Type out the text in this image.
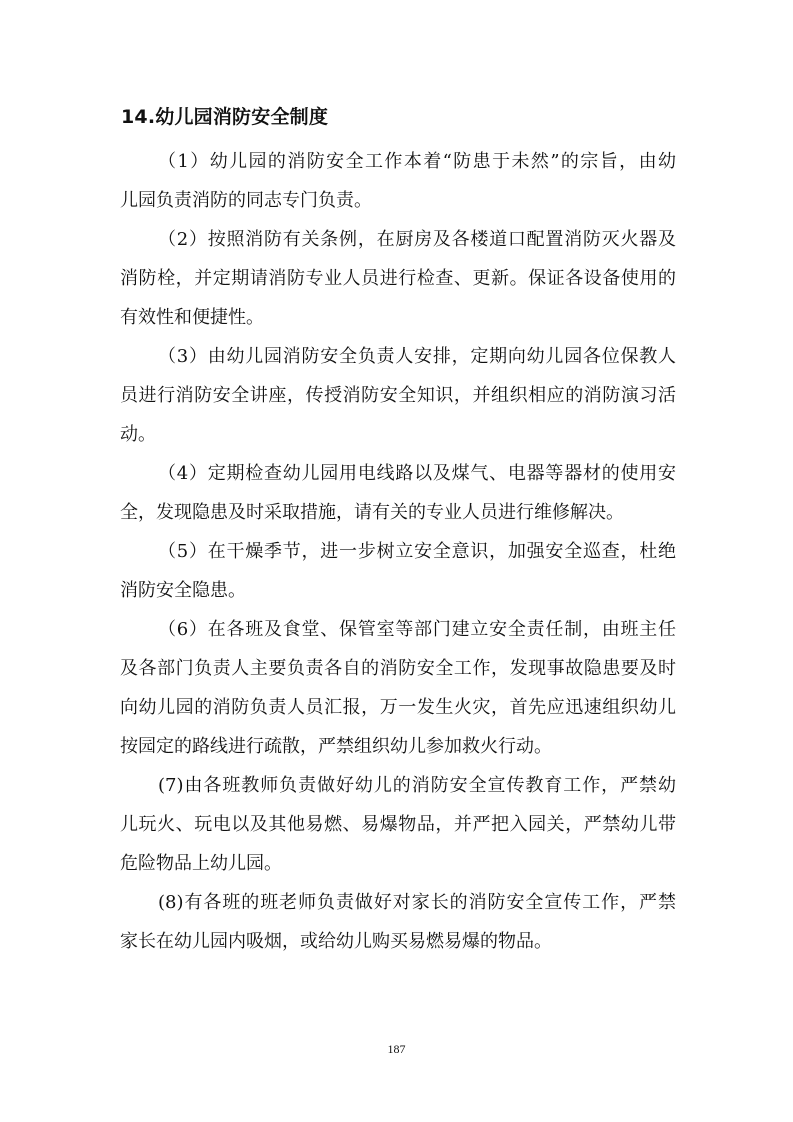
14.幼儿园消防安全制度

（1）幼儿园的消防安全工作本着“防患于未然”的宗旨，由幼
儿园负责消防的同志专门负责。

（2）按照消防有关条例，在厨房及各楼道口配置消防灭火器及
消防栓，并定期请消防专业人员进行检查、更新。保证各设备使用的
有效性和便捷性。

（3）由幼儿园消防安全负责人安排，定期向幼儿园各位保教人
员进行消防安全讲座，传授消防安全知识，并组织相应的消防演习活
动。

（4）定期检查幼儿园用电线路以及煤气、电器等器材的使用安
全，发现隐患及时采取措施，请有关的专业人员进行维修解决。

（5）在干燥季节，进一步树立安全意识，加强安全巡查，杜绝
消防安全隐患。

（6）在各班及食堂、保管室等部门建立安全责任制，由班主任
及各部门负责人主要负责各自的消防安全工作，发现事故隐患要及时
向幼儿园的消防负责人员汇报，万一发生火灾，首先应迅速组织幼儿
按园定的路线进行疏散，严禁组织幼儿参加救火行动。

(7)由各班教师负责做好幼儿的消防安全宣传教育工作，严禁幼
儿玩火、玩电以及其他易燃、易爆物品，并严把入园关，严禁幼儿带
危险物品上幼儿园。

(8)有各班的班老师负责做好对家长的消防安全宣传工作，严禁
家长在幼儿园内吸烟，或给幼儿购买易燃易爆的物品。

187
